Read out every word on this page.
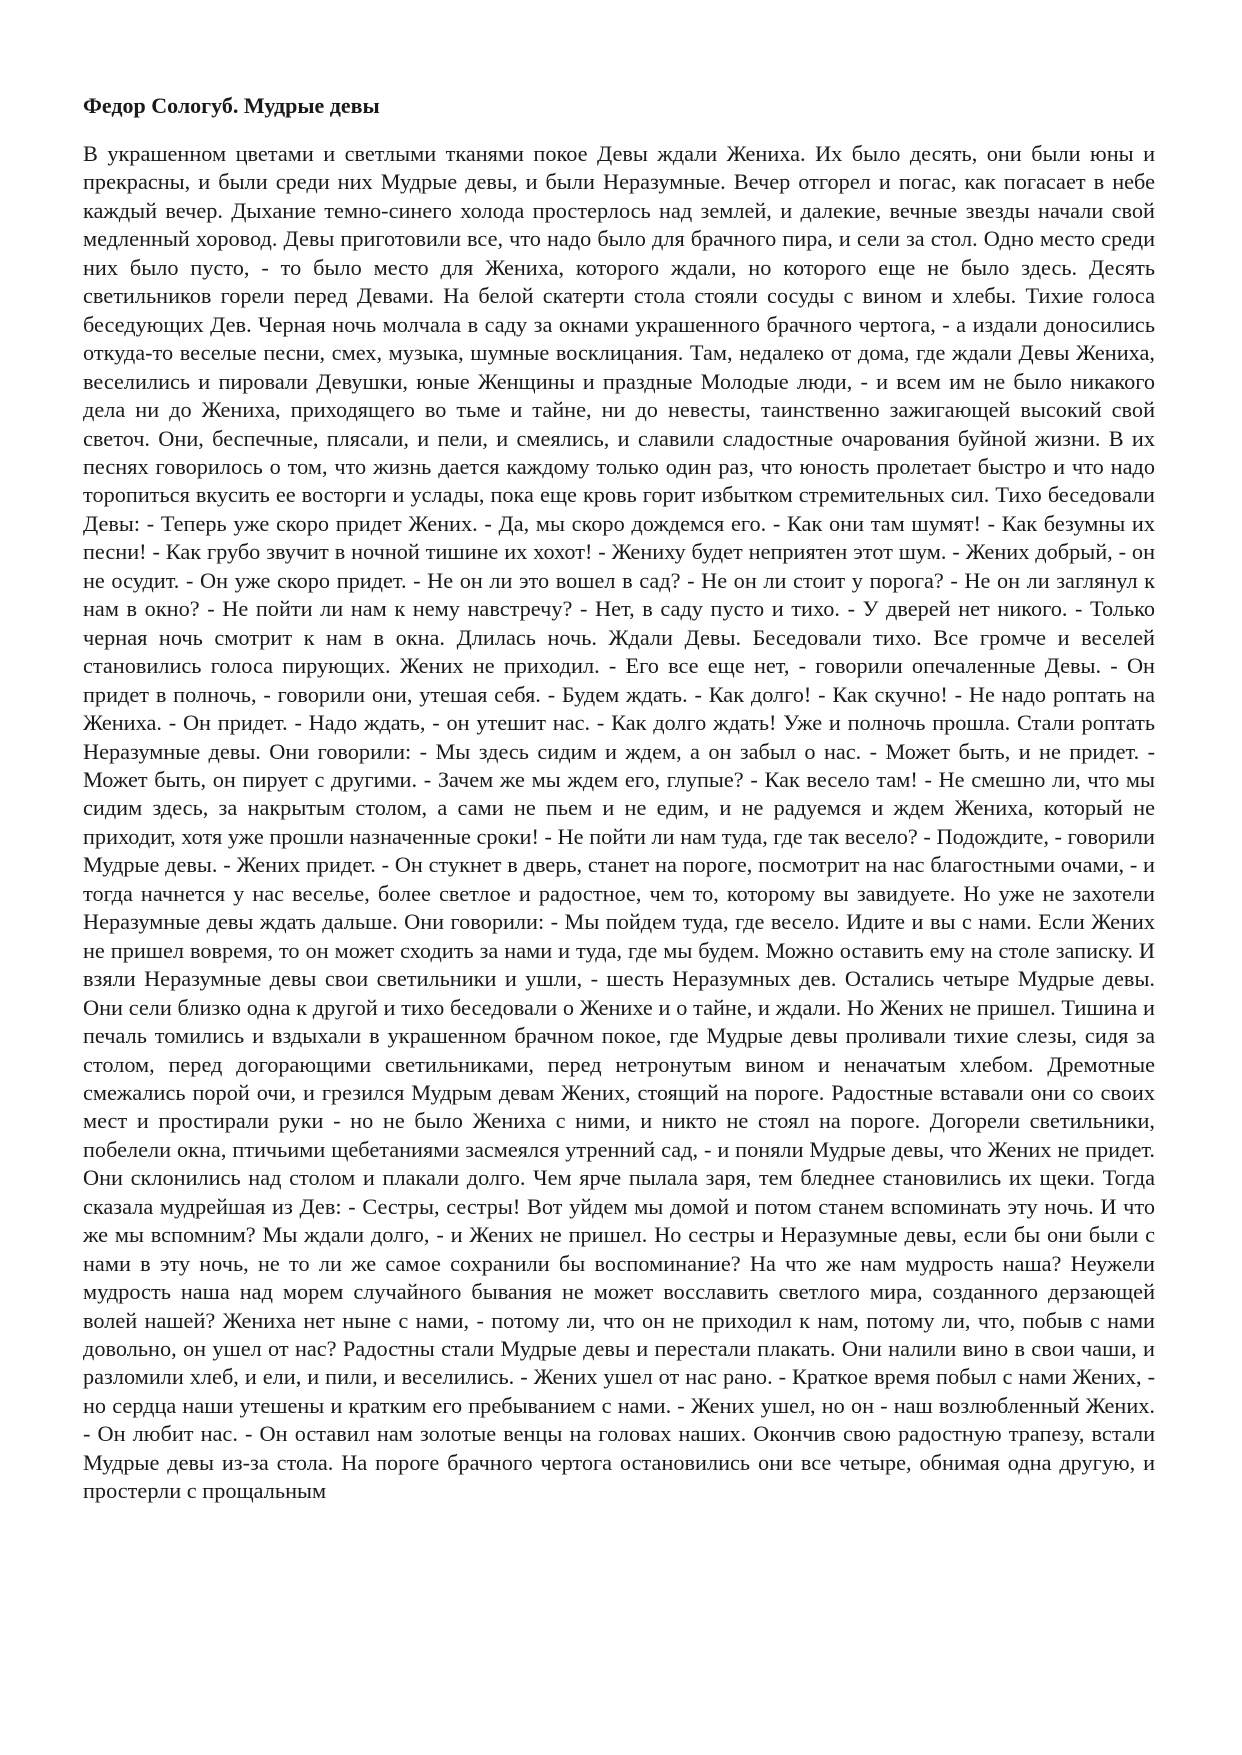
Федор Сологуб. Мудрые девы

В украшенном цветами и светлыми тканями покое Девы ждали Жениха. Их было десять, они были юны и прекрасны, и были среди них Мудрые девы, и были Неразумные. Вечер отгорел и погас, как погасает в небе каждый вечер. Дыхание темно-синего холода простерлось над землей, и далекие, вечные звезды начали свой медленный хоровод. Девы приготовили все, что надо было для брачного пира, и сели за стол. Одно место среди них было пусто, - то было место для Жениха, которого ждали, но которого еще не было здесь. Десять светильников горели перед Девами. На белой скатерти стола стояли сосуды с вином и хлебы. Тихие голоса беседующих Дев. Черная ночь молчала в саду за окнами украшенного брачного чертога, - а издали доносились откуда-то веселые песни, смех, музыка, шумные восклицания. Там, недалеко от дома, где ждали Девы Жениха, веселились и пировали Девушки, юные Женщины и праздные Молодые люди, - и всем им не было никакого дела ни до Жениха, приходящего во тьме и тайне, ни до невесты, таинственно зажигающей высокий свой светоч. Они, беспечные, плясали, и пели, и смеялись, и славили сладостные очарования буйной жизни. В их песнях говорилось о том, что жизнь дается каждому только один раз, что юность пролетает быстро и что надо торопиться вкусить ее восторги и услады, пока еще кровь горит избытком стремительных сил. Тихо беседовали Девы: - Теперь уже скоро придет Жених. - Да, мы скоро дождемся его. - Как они там шумят! - Как безумны их песни! - Как грубо звучит в ночной тишине их хохот! - Жениху будет неприятен этот шум. - Жених добрый, - он не осудит. - Он уже скоро придет. - Не он ли это вошел в сад? - Не он ли стоит у порога? - Не он ли заглянул к нам в окно? - Не пойти ли нам к нему навстречу? - Нет, в саду пусто и тихо. - У дверей нет никого. - Только черная ночь смотрит к нам в окна. Длилась ночь. Ждали Девы. Беседовали тихо. Все громче и веселей становились голоса пирующих. Жених не приходил. - Его все еще нет, - говорили опечаленные Девы. - Он придет в полночь, - говорили они, утешая себя. - Будем ждать. - Как долго! - Как скучно! - Не надо роптать на Жениха. - Он придет. - Надо ждать, - он утешит нас. - Как долго ждать! Уже и полночь прошла. Стали роптать Неразумные девы. Они говорили: - Мы здесь сидим и ждем, а он забыл о нас. - Может быть, и не придет. - Может быть, он пирует с другими. - Зачем же мы ждем его, глупые? - Как весело там! - Не смешно ли, что мы сидим здесь, за накрытым столом, а сами не пьем и не едим, и не радуемся и ждем Жениха, который не приходит, хотя уже прошли назначенные сроки! - Не пойти ли нам туда, где так весело? - Подождите, - говорили Мудрые девы. - Жених придет. - Он стукнет в дверь, станет на пороге, посмотрит на нас благостными очами, - и тогда начнется у нас веселье, более светлое и радостное, чем то, которому вы завидуете. Но уже не захотели Неразумные девы ждать дальше. Они говорили: - Мы пойдем туда, где весело. Идите и вы с нами. Если Жених не пришел вовремя, то он может сходить за нами и туда, где мы будем. Можно оставить ему на столе записку. И взяли Неразумные девы свои светильники и ушли, - шесть Неразумных дев. Остались четыре Мудрые девы. Они сели близко одна к другой и тихо беседовали о Женихе и о тайне, и ждали. Но Жених не пришел. Тишина и печаль томились и вздыхали в украшенном брачном покое, где Мудрые девы проливали тихие слезы, сидя за столом, перед догорающими светильниками, перед нетронутым вином и неначатым хлебом. Дремотные смежались порой очи, и грезился Мудрым девам Жених, стоящий на пороге. Радостные вставали они со своих мест и простирали руки - но не было Жениха с ними, и никто не стоял на пороге. Догорели светильники, побелели окна, птичьими щебетаниями засмеялся утренний сад, - и поняли Мудрые девы, что Жених не придет. Они склонились над столом и плакали долго. Чем ярче пылала заря, тем бледнее становились их щеки. Тогда сказала мудрейшая из Дев: - Сестры, сестры! Вот уйдем мы домой и потом станем вспоминать эту ночь. И что же мы вспомним? Мы ждали долго, - и Жених не пришел. Но сестры и Неразумные девы, если бы они были с нами в эту ночь, не то ли же самое сохранили бы воспоминание? На что же нам мудрость наша? Неужели мудрость наша над морем случайного бывания не может восславить светлого мира, созданного дерзающей волей нашей? Жениха нет ныне с нами, - потому ли, что он не приходил к нам, потому ли, что, побыв с нами довольно, он ушел от нас? Радостны стали Мудрые девы и перестали плакать. Они налили вино в свои чаши, и разломили хлеб, и ели, и пили, и веселились. - Жених ушел от нас рано. - Краткое время побыл с нами Жених, - но сердца наши утешены и кратким его пребыванием с нами. - Жених ушел, но он - наш возлюбленный Жених. - Он любит нас. - Он оставил нам золотые венцы на головах наших. Окончив свою радостную трапезу, встали Мудрые девы из-за стола. На пороге брачного чертога остановились они все четыре, обнимая одна другую, и простерли с прощальным
